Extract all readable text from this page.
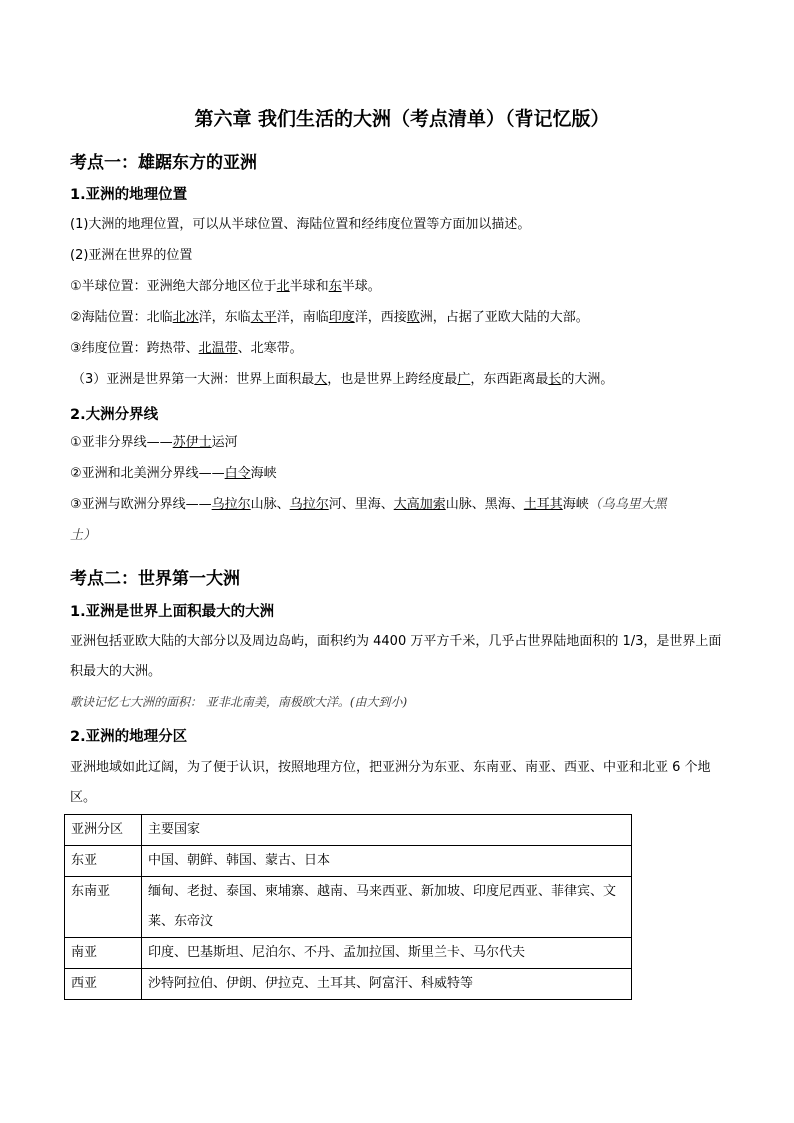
第六章 我们生活的大洲（考点清单）（背记忆版）
考点一：雄踞东方的亚洲
1.亚洲的地理位置
(1)大洲的地理位置，可以从半球位置、海陆位置和经纬度位置等方面加以描述。
(2)亚洲在世界的位置
①半球位置：亚洲绝大部分地区位于北半球和东半球。
②海陆位置：北临北冰洋，东临太平洋，南临印度洋，西接欧洲，占据了亚欧大陆的大部。
③纬度位置：跨热带、北温带、北寒带。
（3）亚洲是世界第一大洲：世界上面积最大，也是世界上跨经度最广，东西距离最长的大洲。
2.大洲分界线
①亚非分界线——苏伊士运河
②亚洲和北美洲分界线——白令海峡
③亚洲与欧洲分界线——乌拉尔山脉、乌拉尔河、里海、大高加索山脉、黑海、土耳其海峡（乌乌里大黑
土）
考点二：世界第一大洲
1.亚洲是世界上面积最大的大洲
亚洲包括亚欧大陆的大部分以及周边岛屿，面积约为 4400 万平方千米，几乎占世界陆地面积的 1/3，是世界上面积最大的大洲。
歌诀记忆七大洲的面积： 亚非北南美，南极欧大洋。(由大到小)
2.亚洲的地理分区
亚洲地域如此辽阔，为了便于认识，按照地理方位，把亚洲分为东亚、东南亚、南亚、西亚、中亚和北亚 6 个地区。
亚洲分区	主要国家
东亚	中国、朝鲜、韩国、蒙古、日本
东南亚	缅甸、老挝、泰国、柬埔寨、越南、马来西亚、新加坡、印度尼西亚、菲律宾、文莱、东帝汶
南亚	印度、巴基斯坦、尼泊尔、不丹、孟加拉国、斯里兰卡、马尔代夫
西亚	沙特阿拉伯、伊朗、伊拉克、土耳其、阿富汗、科威特等
